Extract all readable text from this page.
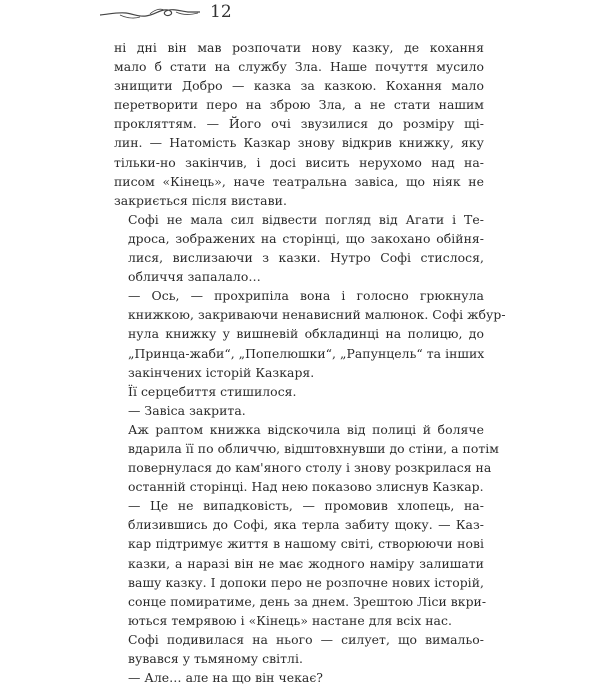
12

ні дні він мав розпочати нову казку, де кохання
мало б стати на службу Зла. Наше почуття мусило
знищити Добро — казка за казкою. Кохання мало
перетворити перо на зброю Зла, а не стати нашим
прокляттям. — Його очі звузилися до розміру щі-
лин. — Натомість Казкар знову відкрив книжку, яку
тільки-но закінчив, і досі висить нерухомо над на-
писом «Кінець», наче театральна завіса, що ніяк не
закриється після вистави.

Софі не мала сил відвести погляд від Агати і Те-
дроса, зображених на сторінці, що закохано обійня-
лися, вислизаючи з казки. Нутро Софі стислося,
обличчя запалало…

— Ось, — прохрипіла вона і голосно грюкнула
книжкою, закриваючи ненависний малюнок. Софі жбур-
нула книжку у вишневій обкладинці на полицю, до
„Принца-жаби“, „Попелюшки“, „Рапунцель“ та інших
закінчених історій Казкаря.

Її серцебиття стишилося.

— Завіса закрита.

Аж раптом книжка відскочила від полиці й боляче
вдарила її по обличчю, відштовхнувши до стіни, а потім
повернулася до кам'яного столу і знову розкрилася на
останній сторінці. Над нею показово злиснув Казкар.

— Це не випадковість, — промовив хлопець, на-
близившись до Софі, яка терла забиту щоку. — Каз-
кар підтримує життя в нашому світі, створюючи нові
казки, а наразі він не має жодного наміру залишати
вашу казку. І допоки перо не розпочне нових історій,
сонце помиратиме, день за днем. Зрештою Ліси вкри-
ються темрявою і «Кінець» настане для всіх нас.

Софі подивилася на нього — силует, що вимальо-
вувався у тьмяному світлі.

— Але… але на що він чекає?
